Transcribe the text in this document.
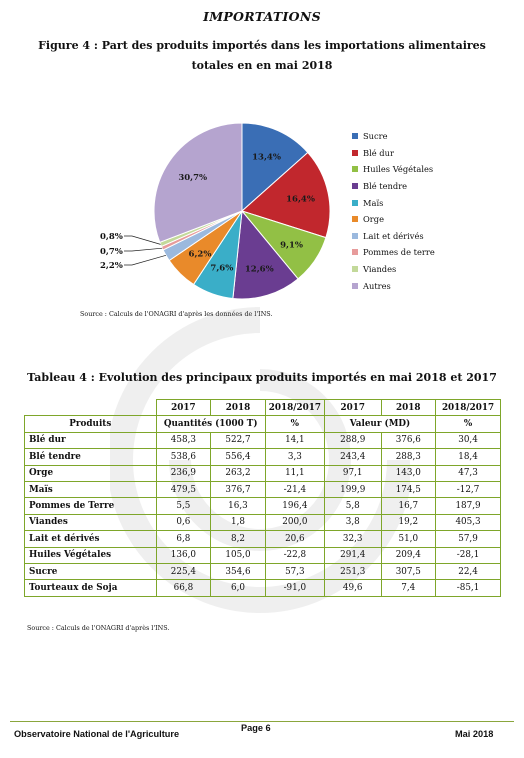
IMPORTATIONS
Figure 4 : Part des produits importés dans les importations alimentaires totales en en mai 2018
13,4%
16,4%
9,1%
12,6%
7,6%
6,2%
2,2%
0,7%
0,8%
30,7%
Sucre
Blé dur
Huiles Végétales
Blé tendre
Maïs
Orge
Lait et dérivés
Pommes de terre
Viandes
Autres
Source : Calculs de l'ONAGRI d'après les données de l'INS.
Tableau 4 : Evolution des principaux produits importés en mai 2018 et 2017
	2017	2018	2018/2017	2017	2018	2018/2017
Produits	Quantités (1000 T)		%	Valeur (MD)		%
Blé dur	458,3	522,7	14,1	288,9	376,6	30,4
Blé tendre	538,6	556,4	3,3	243,4	288,3	18,4
Orge	236,9	263,2	11,1	97,1	143,0	47,3
Maïs	479,5	376,7	-21,4	199,9	174,5	-12,7
Pommes de Terre	5,5	16,3	196,4	5,8	16,7	187,9
Viandes	0,6	1,8	200,0	3,8	19,2	405,3
Lait et dérivés	6,8	8,2	20,6	32,3	51,0	57,9
Huiles Végétales	136,0	105,0	-22,8	291,4	209,4	-28,1
Sucre	225,4	354,6	57,3	251,3	307,5	22,4
Tourteaux de Soja	66,8	6,0	-91,0	49,6	7,4	-85,1
Source : Calculs de l'ONAGRI d'après l'INS.
Observatoire National de l'Agriculture
Page 6
Mai 2018
